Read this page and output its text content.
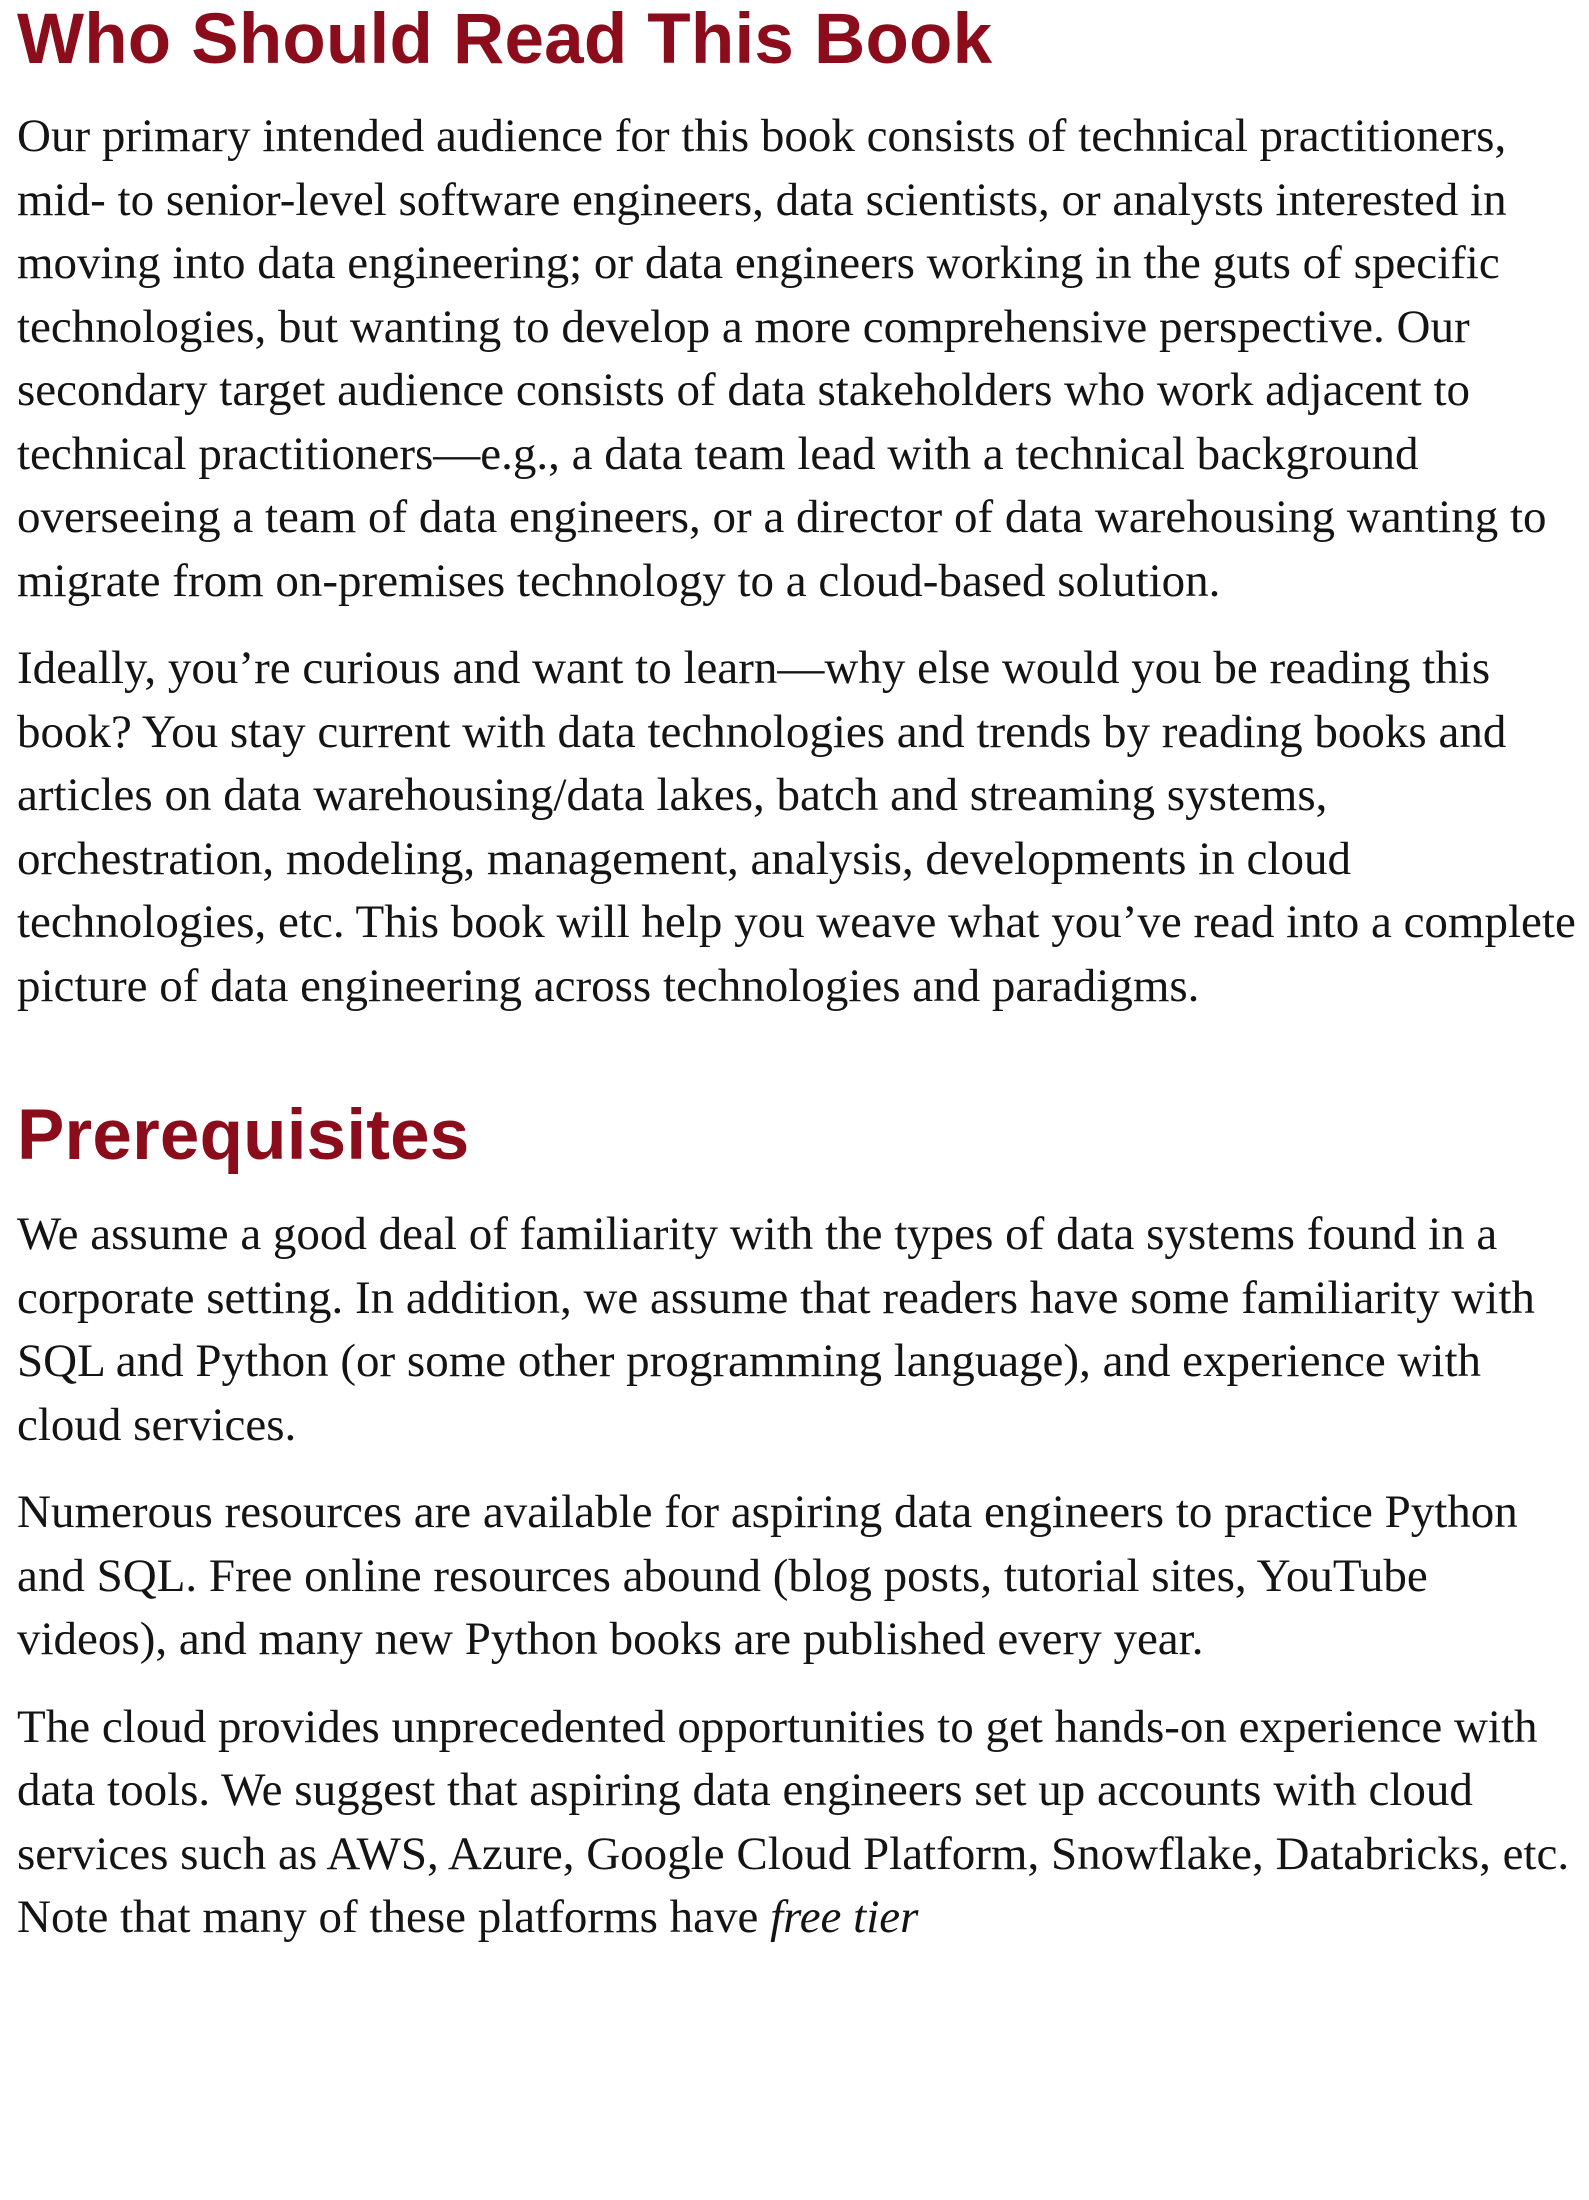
Who Should Read This Book

Our primary intended audience for this book consists of technical practitioners, mid- to senior-level software engineers, data scientists, or analysts interested in moving into data engineering; or data engineers working in the guts of specific technologies, but wanting to develop a more comprehensive perspective. Our secondary target audience consists of data stakeholders who work adjacent to technical practitioners—e.g., a data team lead with a technical background overseeing a team of data engineers, or a director of data warehousing wanting to migrate from on-premises technology to a cloud-based solution.

Ideally, you’re curious and want to learn—why else would you be reading this book? You stay current with data technologies and trends by reading books and articles on data warehousing/data lakes, batch and streaming systems, orchestration, modeling, management, analysis, developments in cloud technologies, etc. This book will help you weave what you’ve read into a complete picture of data engineering across technologies and paradigms.

Prerequisites

We assume a good deal of familiarity with the types of data systems found in a corporate setting. In addition, we assume that readers have some familiarity with SQL and Python (or some other programming language), and experience with cloud services.

Numerous resources are available for aspiring data engineers to practice Python and SQL. Free online resources abound (blog posts, tutorial sites, YouTube videos), and many new Python books are published every year.

The cloud provides unprecedented opportunities to get hands-on experience with data tools. We suggest that aspiring data engineers set up accounts with cloud services such as AWS, Azure, Google Cloud Platform, Snowflake, Databricks, etc. Note that many of these platforms have free tier
